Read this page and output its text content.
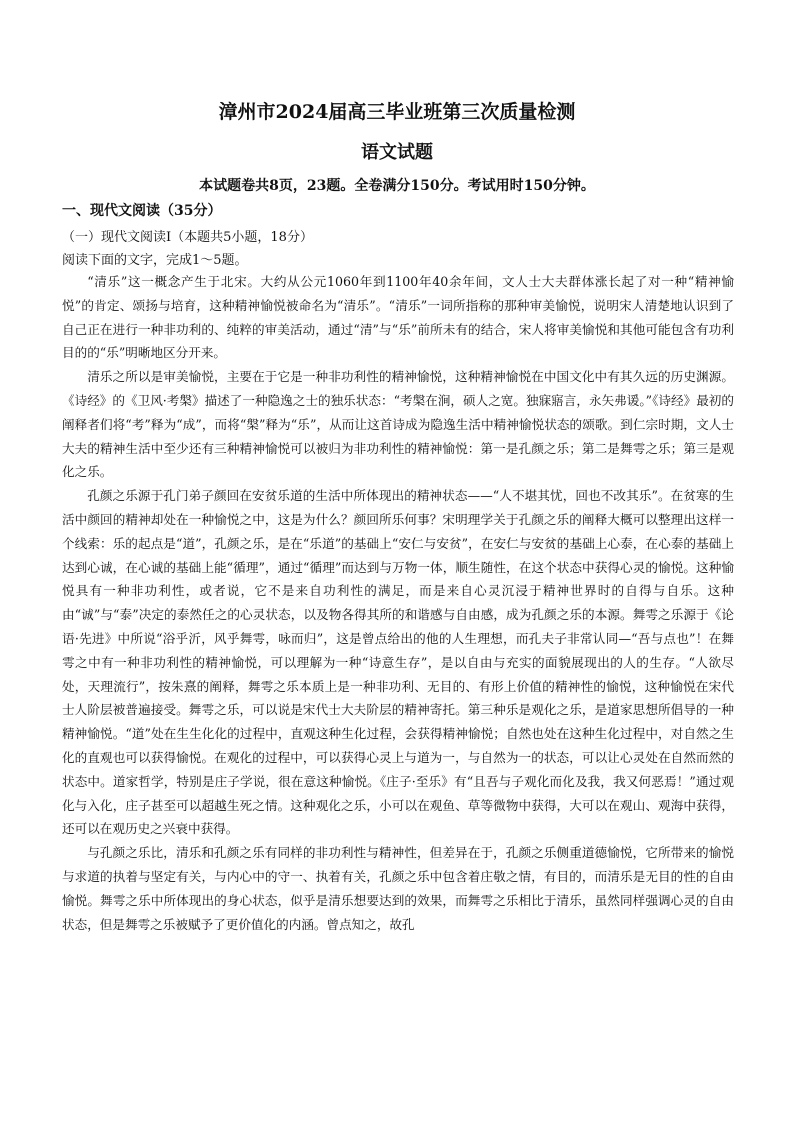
漳州市2024届高三毕业班第三次质量检测
语文试题
本试题卷共8页，23题。全卷满分150分。考试用时150分钟。
一、现代文阅读（35分）
（一）现代文阅读Ⅰ（本题共5小题，18分）
阅读下面的文字，完成1～5题。

“清乐”这一概念产生于北宋。大约从公元1060年到1100年40余年间，文人士大夫群体涨长起了对一种“精神愉悦”的肯定、颂扬与培育，这种精神愉悦被命名为“清乐”。“清乐”一词所指称的那种审美愉悦，说明宋人清楚地认识到了自己正在进行一种非功利的、纯粹的审美活动，通过“清”与“乐”前所未有的结合，宋人将审美愉悦和其他可能包含有功利目的的“乐”明晰地区分开来。

清乐之所以是审美愉悦，主要在于它是一种非功利性的精神愉悦，这种精神愉悦在中国文化中有其久远的历史渊源。《诗经》的《卫风·考槃》描述了一种隐逸之士的独乐状态：“考槃在涧，硕人之宽。独寐寤言，永矢弗谖。”《诗经》最初的阐释者们将“考”释为“成”，而将“槃”释为“乐”，从而让这首诗成为隐逸生活中精神愉悦状态的颂歌。到仁宗时期，文人士大夫的精神生活中至少还有三种精神愉悦可以被归为非功利性的精神愉悦：第一是孔颜之乐；第二是舞雩之乐；第三是观化之乐。

孔颜之乐源于孔门弟子颜回在安贫乐道的生活中所体现出的精神状态——“人不堪其忧，回也不改其乐”。在贫寒的生活中颜回的精神却处在一种愉悦之中，这是为什么？颜回所乐何事？宋明理学关于孔颜之乐的阐释大概可以整理出这样一个线索：乐的起点是“道”，孔颜之乐，是在“乐道”的基础上“安仁与安贫”，在安仁与安贫的基础上心泰，在心泰的基础上达到心诚，在心诚的基础上能“循理”，通过“循理”而达到与万物一体，顺生随性，在这个状态中获得心灵的愉悦。这种愉悦具有一种非功利性，或者说，它不是来自功利性的满足，而是来自心灵沉浸于精神世界时的自得与自乐。这种由“诚”与“泰”决定的泰然任之的心灵状态，以及物各得其所的和谐感与自由感，成为孔颜之乐的本源。舞雩之乐源于《论语·先进》中所说“浴乎沂，风乎舞雩，咏而归”，这是曾点给出的他的人生理想，而孔夫子非常认同—“吾与点也”！在舞雩之中有一种非功利性的精神愉悦，可以理解为一种“诗意生存”，是以自由与充实的面貌展现出的人的生存。“人欲尽处，天理流行”，按朱熹的阐释，舞雩之乐本质上是一种非功利、无目的、有形上价值的精神性的愉悦，这种愉悦在宋代士人阶层被普遍接受。舞雩之乐，可以说是宋代士大夫阶层的精神寄托。第三种乐是观化之乐，是道家思想所倡导的一种精神愉悦。“道”处在生生化化的过程中，直观这种生化过程，会获得精神愉悦；自然也处在这种生化过程中，对自然之生化的直观也可以获得愉悦。在观化的过程中，可以获得心灵上与道为一，与自然为一的状态，可以让心灵处在自然而然的状态中。道家哲学，特别是庄子学说，很在意这种愉悦。《庄子·至乐》有“且吾与子观化而化及我，我又何恶焉！”通过观化与入化，庄子甚至可以超越生死之情。这种观化之乐，小可以在观鱼、草等微物中获得，大可以在观山、观海中获得，还可以在观历史之兴衰中获得。

与孔颜之乐比，清乐和孔颜之乐有同样的非功利性与精神性，但差异在于，孔颜之乐侧重道德愉悦，它所带来的愉悦与求道的执着与坚定有关，与内心中的守一、执着有关，孔颜之乐中包含着庄敬之情，有目的，而清乐是无目的性的自由愉悦。舞雩之乐中所体现出的身心状态，似乎是清乐想要达到的效果，而舞雩之乐相比于清乐，虽然同样强调心灵的自由状态，但是舞雩之乐被赋予了更价值化的内涵。曾点知之，故孔
